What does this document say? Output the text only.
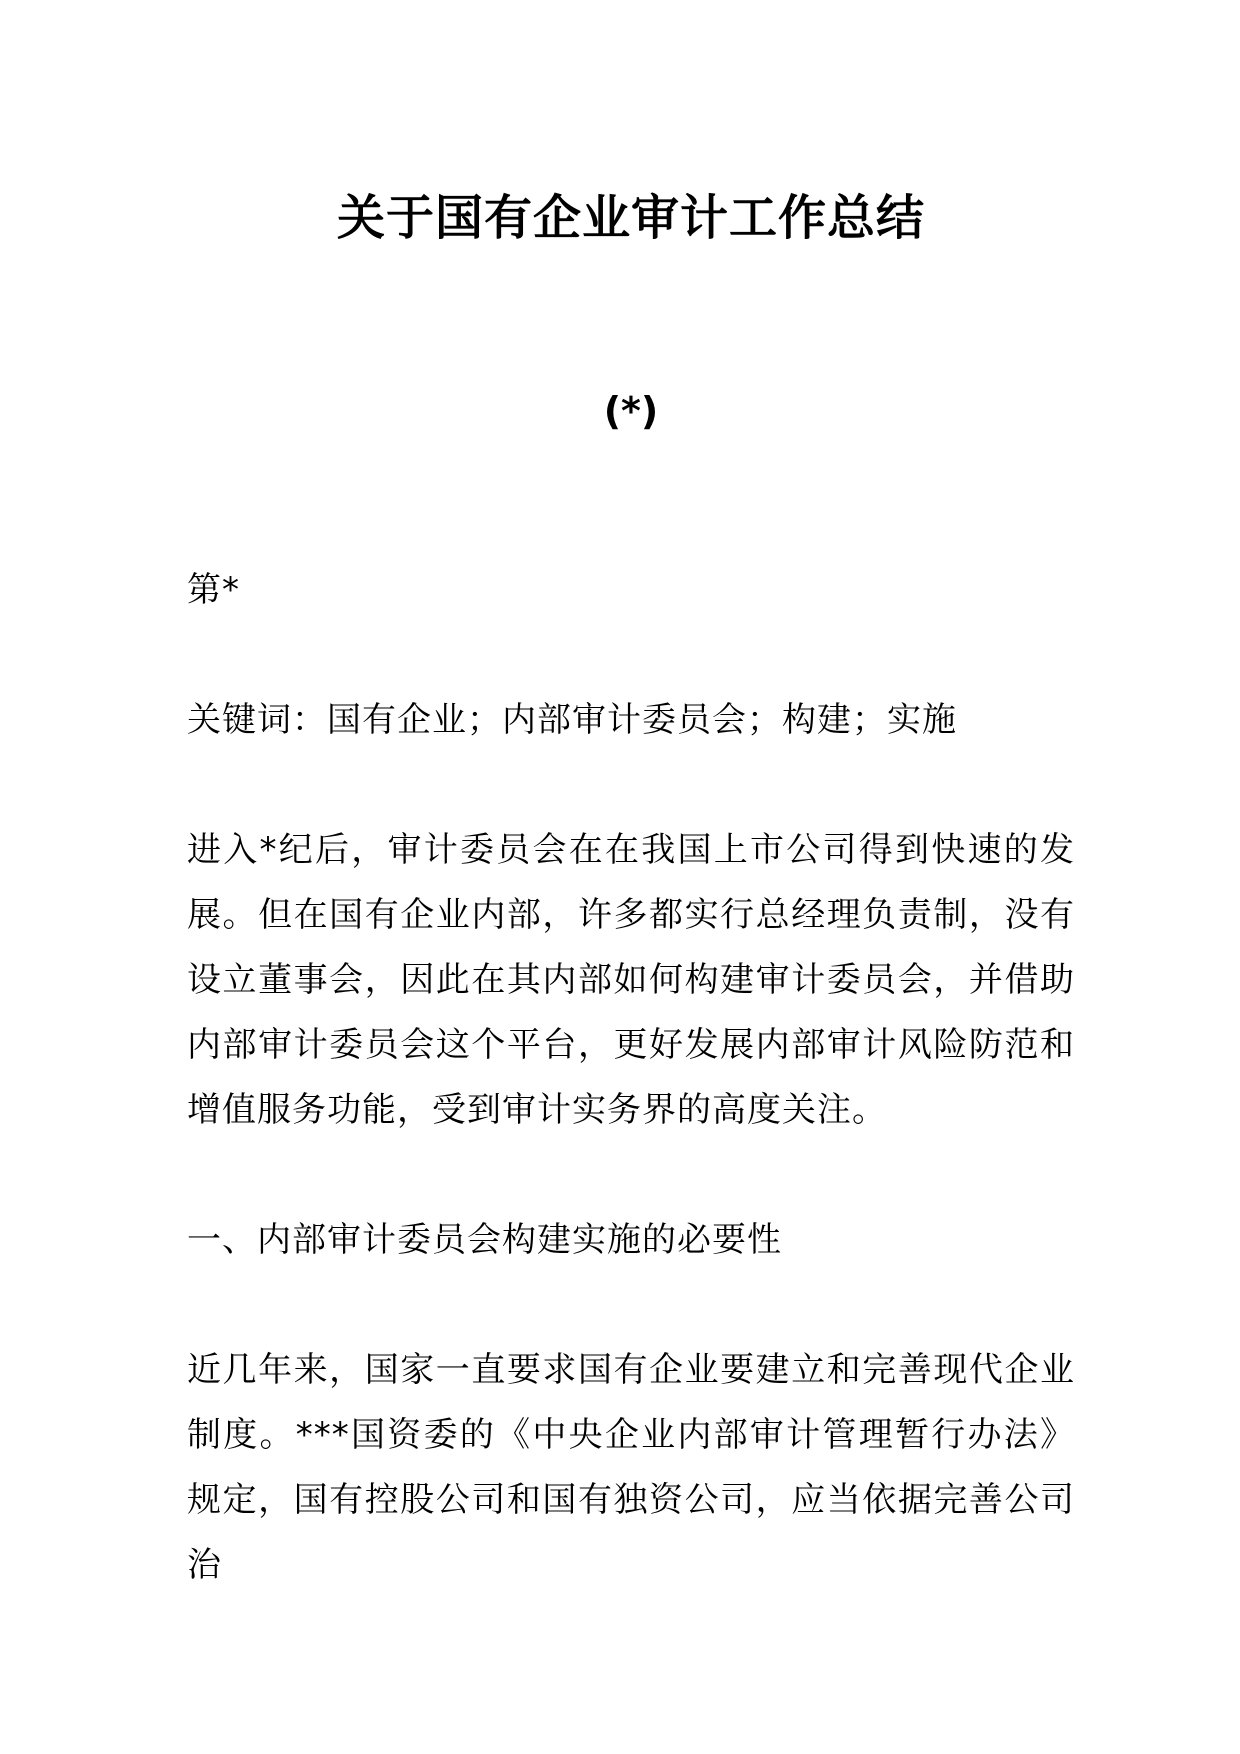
关于国有企业审计工作总结
(*)

第*

关键词：国有企业；内部审计委员会；构建；实施

进入*纪后，审计委员会在在我国上市公司得到快速的发展。但在国有企业内部，许多都实行总经理负责制，没有设立董事会，因此在其内部如何构建审计委员会，并借助内部审计委员会这个平台，更好发展内部审计风险防范和增值服务功能，受到审计实务界的高度关注。

一、内部审计委员会构建实施的必要性

近几年来，国家一直要求国有企业要建立和完善现代企业制度。***国资委的《中央企业内部审计管理暂行办法》规定，国有控股公司和国有独资公司，应当依据完善公司治
